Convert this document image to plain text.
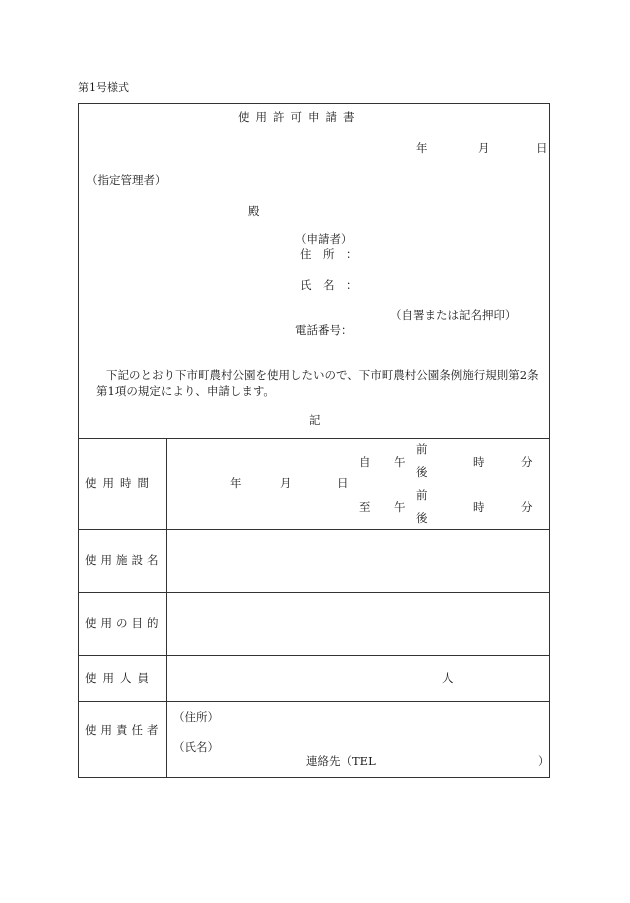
第1号様式
使用許可申請書
年	月	日
（指定管理者）
殿
（申請者）
住　所　：
氏　名　：
（自署または記名押印）
電話番号：
下記のとおり下市町農村公園を使用したいので、下市町農村公園条例施行規則第2条
第1項の規定により、申請します。
記
使用時間	年	月	日
前
自 午	時	分
後
前
至 午	時	分
後
使用施設名
使用の目的
使用人員	人
使用責任者
（住所）
（氏名）
連絡先（TEL	）
